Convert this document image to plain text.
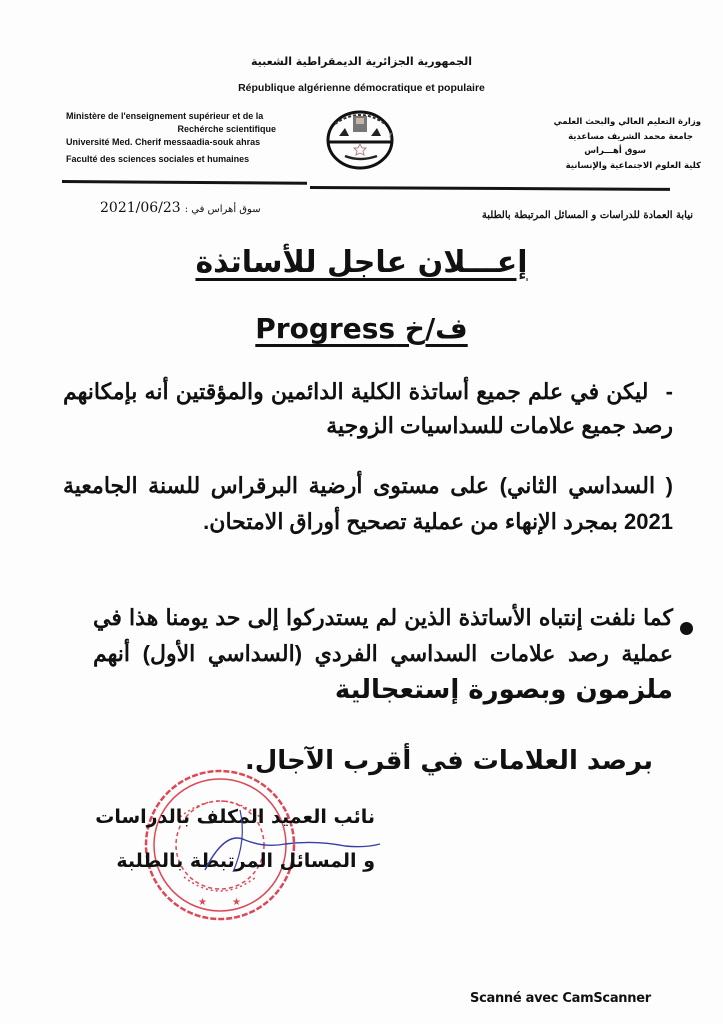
الجمهورية الجزائرية الديمقراطية الشعبية
République algérienne démocratique et populaire
Ministère de l'enseignement supérieur et de la
Rechérche scientifique
Université Med. Cherif messaadia-souk ahras
Faculté des sciences sociales et humaines
ℓ
وزارة التعليم العالي والبحث العلمي
جامعة محمد الشريف مساعدية
سوق أهـــراس
كلية العلوم الاجتماعية والإنسانية
سوق أهراس في :2021/06/23	نيابة العمادة للدراسات و المسائل المرتبطة بالطلبة
إعـــلان عاجل للأساتذة
ف/خ Progress
- ليكن في علم جميع أساتذة الكلية الدائمين والمؤقتين أنه بإمكانهم رصد جميع علامات للسداسيات الزوجية
( السداسي الثاني) على مستوى أرضية البرقراس للسنة الجامعية 2021 بمجرد الإنهاء من عملية تصحيح أوراق الامتحان.
كما نلفت إنتباه الأساتذة الذين لم يستدركوا إلى حد يومنا هذا في عملية رصد علامات السداسي الفردي (السداسي الأول) أنهم ملزمون وبصورة إستعجالية
برصد العلامات في أقرب الآجال.
★	★
نائب العميد المكلف بالدراسات
و المسائل المرتبطة بالطلبة
Scanné avec CamScanner
